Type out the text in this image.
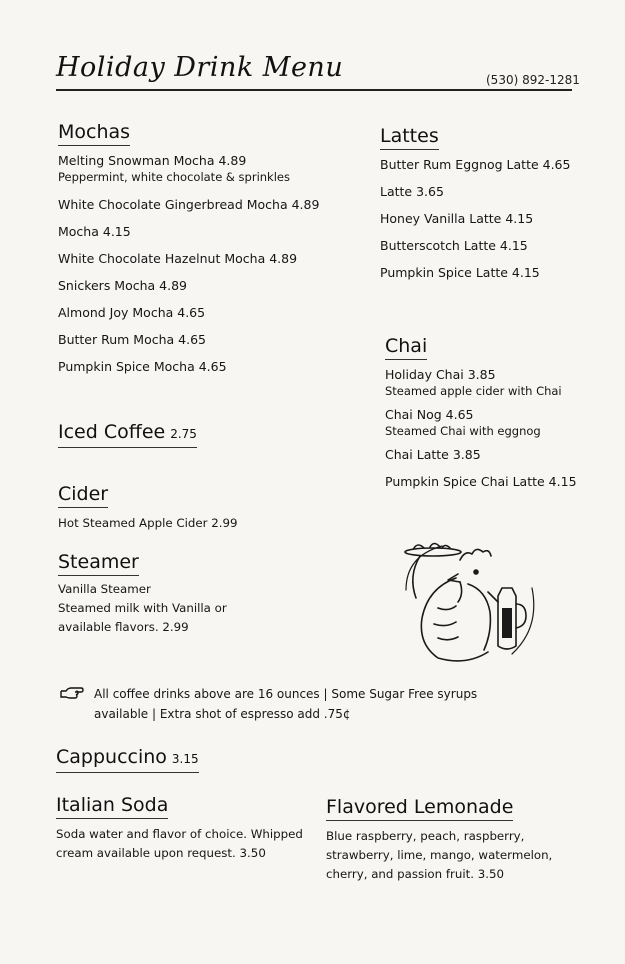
Holiday Drink Menu	(530) 892-1281
Mochas
Melting Snowman Mocha 4.89
Peppermint, white chocolate & sprinkles
White Chocolate Gingerbread Mocha 4.89
Mocha 4.15
White Chocolate Hazelnut Mocha 4.89
Snickers Mocha 4.89
Almond Joy Mocha 4.65
Butter Rum Mocha 4.65
Pumpkin Spice Mocha 4.65
Iced Coffee 2.75
Cider
Hot Steamed Apple Cider 2.99
Steamer
Vanilla Steamer
Steamed milk with Vanilla or
available flavors. 2.99
Lattes
Butter Rum Eggnog Latte 4.65
Latte 3.65
Honey Vanilla Latte 4.15
Butterscotch Latte 4.15
Pumpkin Spice Latte 4.15
Chai
Holiday Chai 3.85
Steamed apple cider with Chai
Chai Nog 4.65
Steamed Chai with eggnog
Chai Latte 3.85
Pumpkin Spice Chai Latte 4.15
All coffee drinks above are 16 ounces | Some Sugar Free syrups
available | Extra shot of espresso add .75¢
Cappuccino 3.15
Italian Soda
Soda water and flavor of choice. Whipped
cream available upon request. 3.50
Flavored Lemonade
Blue raspberry, peach, raspberry,
strawberry, lime, mango, watermelon,
cherry, and passion fruit. 3.50
